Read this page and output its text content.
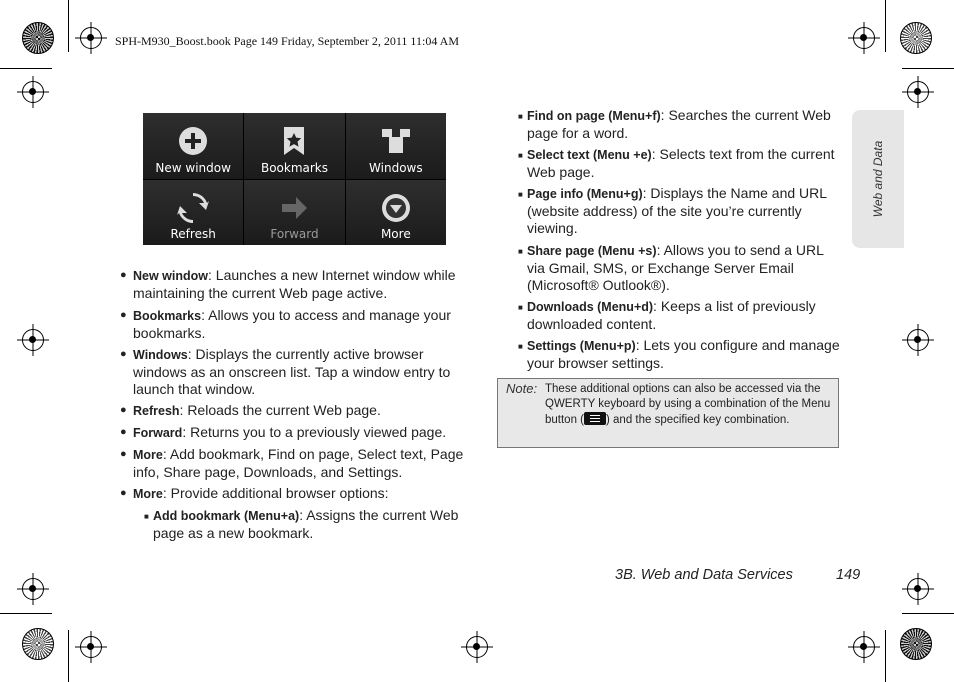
SPH-M930_Boost.book Page 149 Friday, September 2, 2011 11:04 AM
New window	Bookmarks	Windows
Refresh	Forward	More
● New window: Launches a new Internet window while maintaining the current Web page active.
● Bookmarks: Allows you to access and manage your bookmarks.
● Windows: Displays the currently active browser windows as an onscreen list. Tap a window entry to launch that window.
● Refresh: Reloads the current Web page.
● Forward: Returns you to a previously viewed page.
● More: Add bookmark, Find on page, Select text, Page info, Share page, Downloads, and Settings.
● More: Provide additional browser options:
■ Add bookmark (Menu+a): Assigns the current Web page as a new bookmark.
■ Find on page (Menu+f): Searches the current Web page for a word.
■ Select text (Menu +e): Selects text from the current Web page.
■ Page info (Menu+g): Displays the Name and URL (website address) of the site you’re currently viewing.
■ Share page (Menu +s): Allows you to send a URL via Gmail, SMS, or Exchange Server Email (Microsoft® Outlook®).
■ Downloads (Menu+d): Keeps a list of previously downloaded content.
■ Settings (Menu+p): Lets you configure and manage your browser settings.
Note: These additional options can also be accessed via the QWERTY keyboard by using a combination of the Menu button ( ) and the specified key combination.
Web and Data
3B. Web and Data Services	149
